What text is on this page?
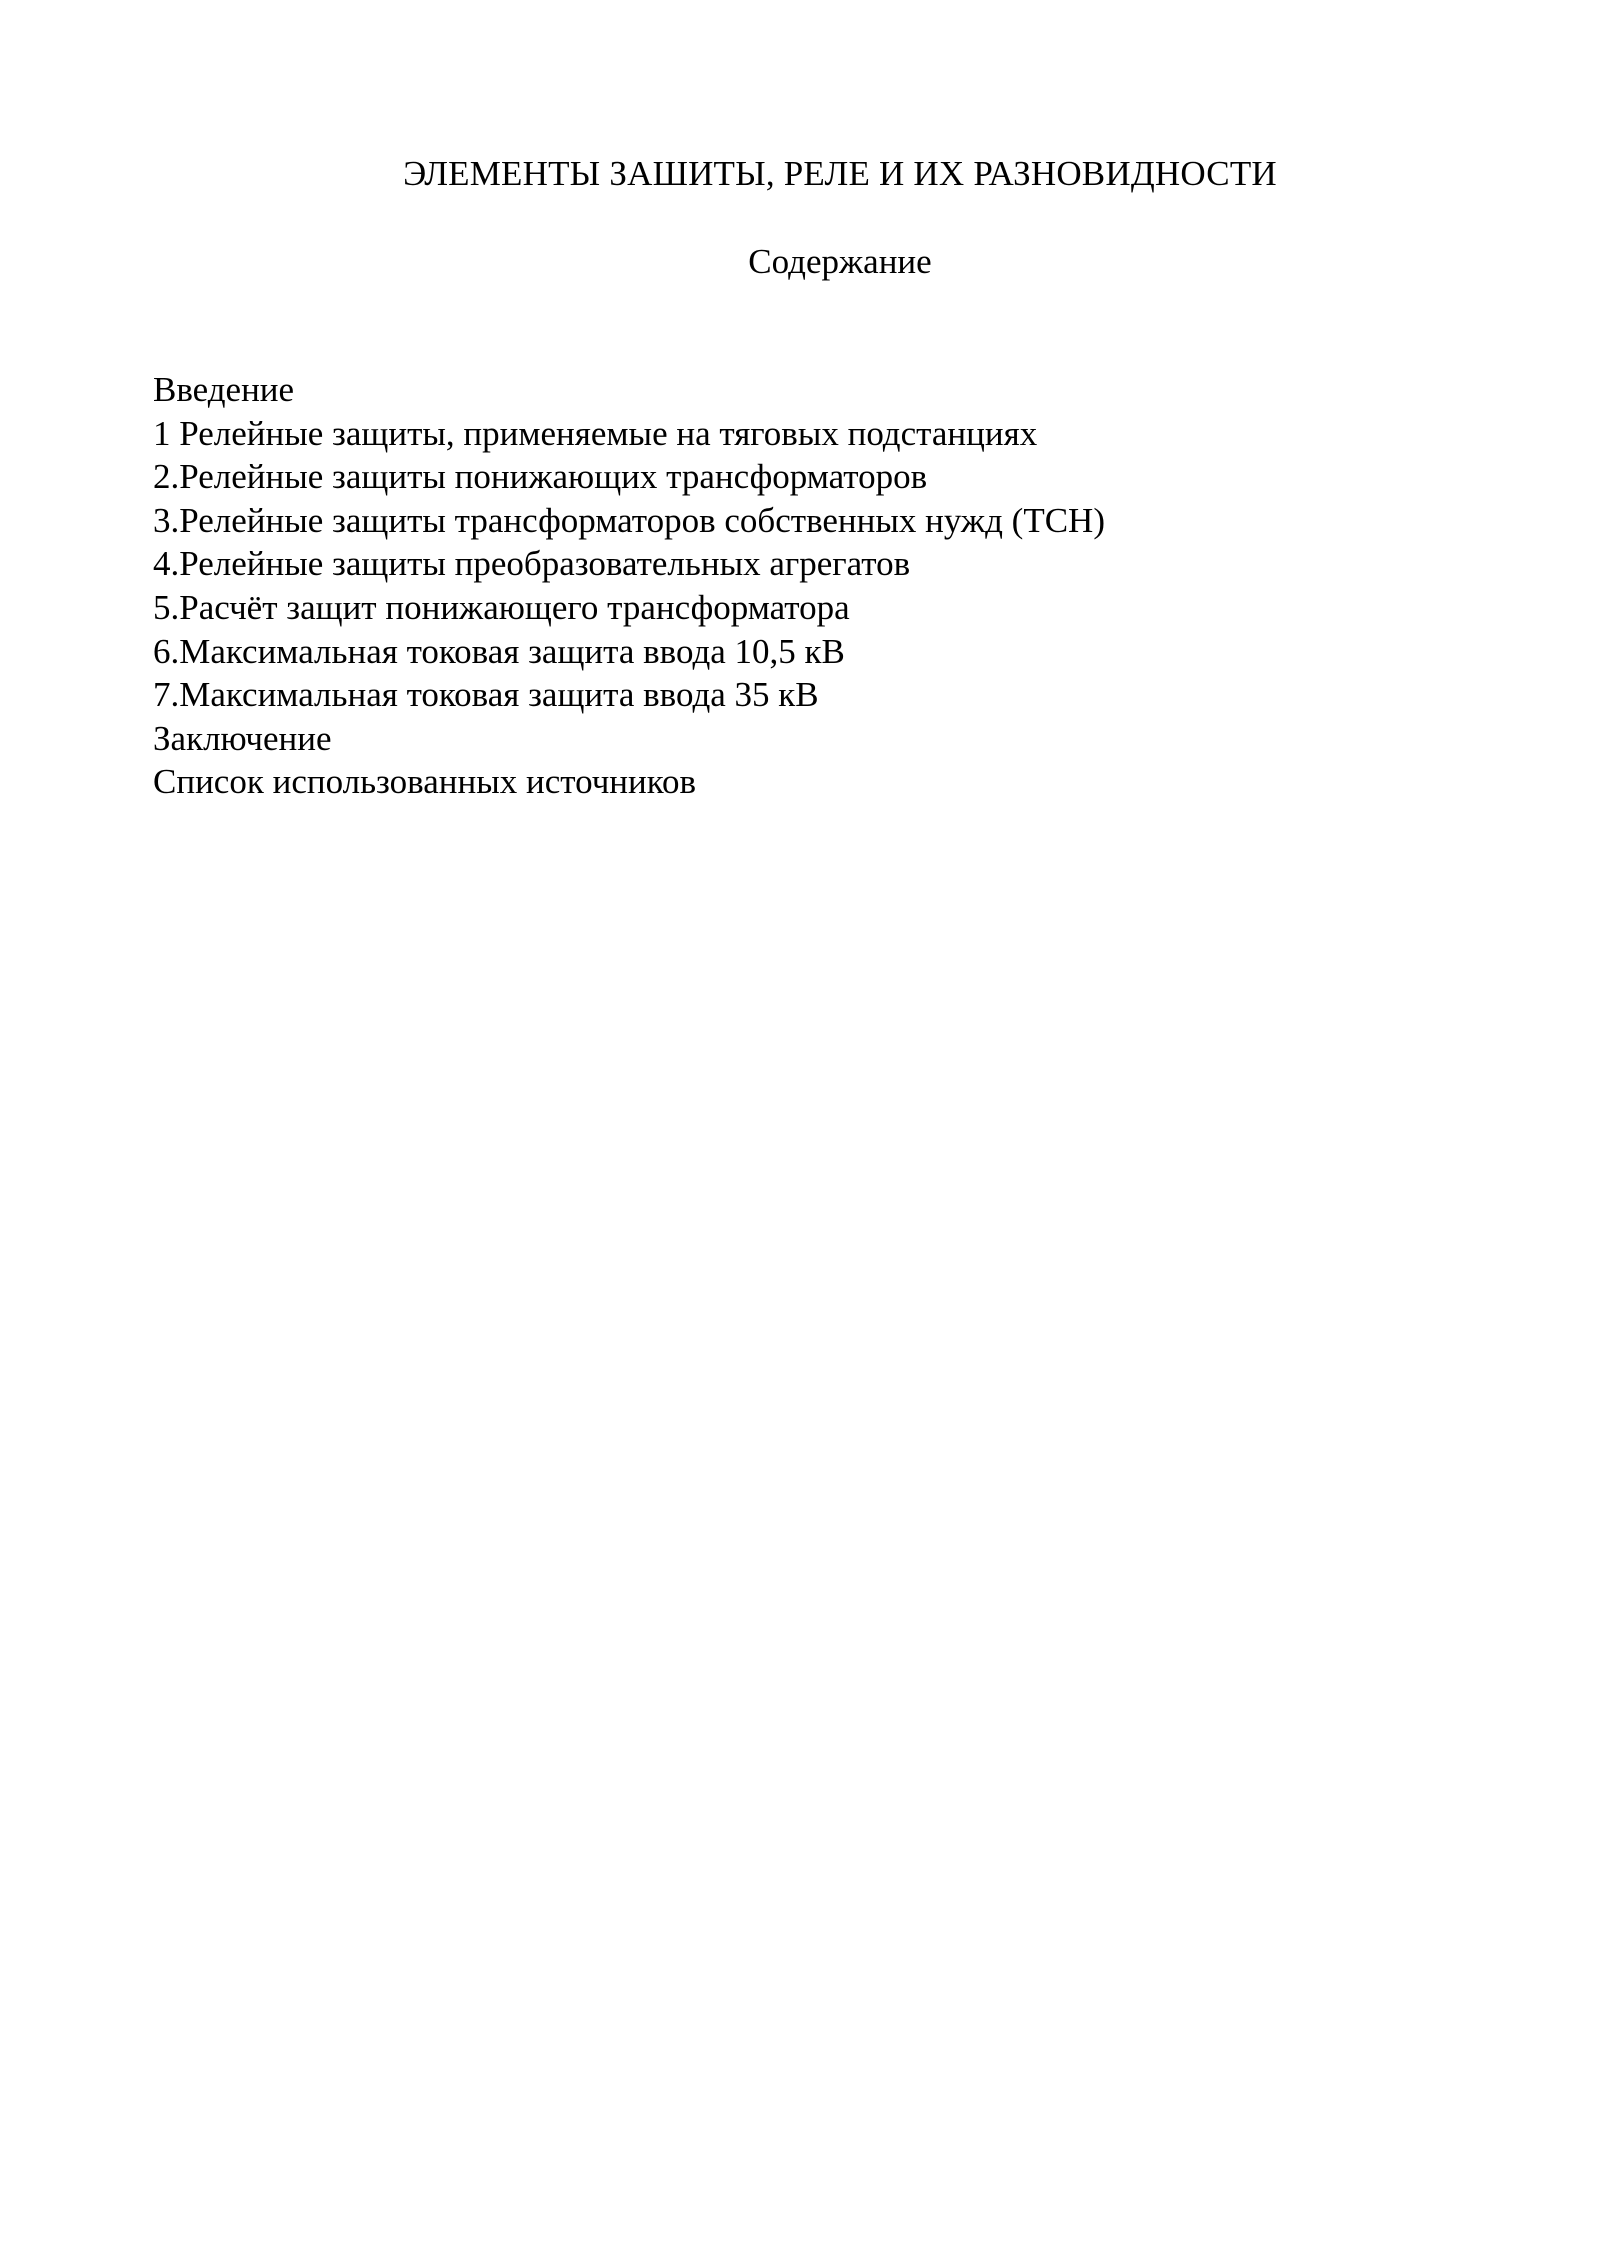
ЭЛЕМЕНТЫ ЗАШИТЫ, РЕЛЕ И ИХ РАЗНОВИДНОСТИ
Содержание
Введение
1 Релейные защиты, применяемые на тяговых подстанциях
2.Релейные защиты понижающих трансформаторов
3.Релейные защиты трансформаторов собственных нужд (ТСН)
4.Релейные защиты преобразовательных агрегатов
5.Расчёт защит понижающего трансформатора
6.Максимальная токовая защита ввода 10,5 кВ
7.Максимальная токовая защита ввода 35 кВ
Заключение
Список использованных источников
